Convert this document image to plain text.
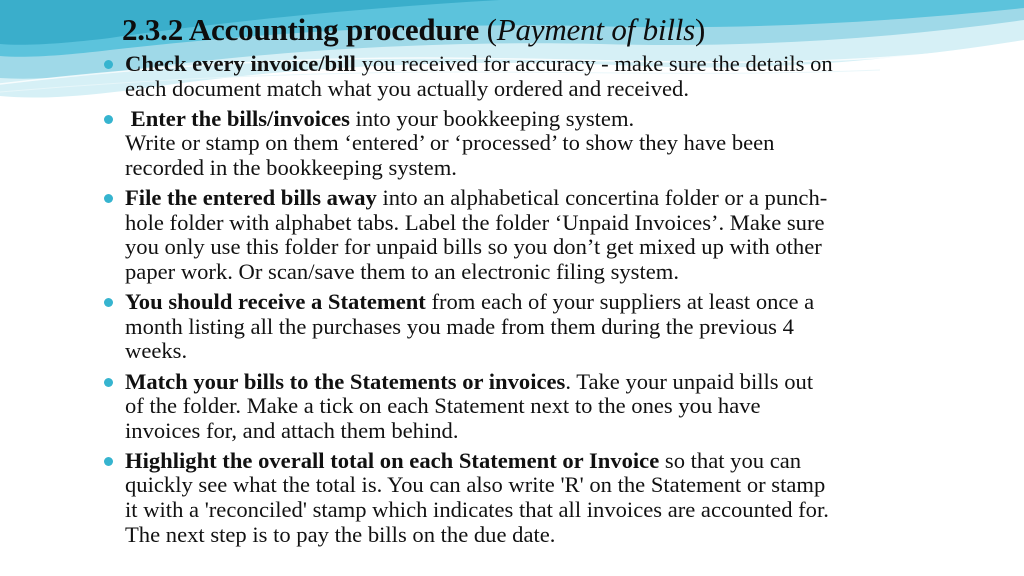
2.3.2 Accounting procedure (Payment of bills)
Check every invoice/bill you received for accuracy - make sure the details on
each document match what you actually ordered and received.
Enter the bills/invoices into your bookkeeping system.
Write or stamp on them ‘entered’ or ‘processed’ to show they have been
recorded in the bookkeeping system.
File the entered bills away into an alphabetical concertina folder or a punch-
hole folder with alphabet tabs. Label the folder ‘Unpaid Invoices’. Make sure
you only use this folder for unpaid bills so you don’t get mixed up with other
paper work. Or scan/save them to an electronic filing system.
You should receive a Statement from each of your suppliers at least once a
month listing all the purchases you made from them during the previous 4
weeks.
Match your bills to the Statements or invoices. Take your unpaid bills out
of the folder. Make a tick on each Statement next to the ones you have
invoices for, and attach them behind.
Highlight the overall total on each Statement or Invoice so that you can
quickly see what the total is. You can also write 'R' on the Statement or stamp
it with a 'reconciled' stamp which indicates that all invoices are accounted for.
The next step is to pay the bills on the due date.
